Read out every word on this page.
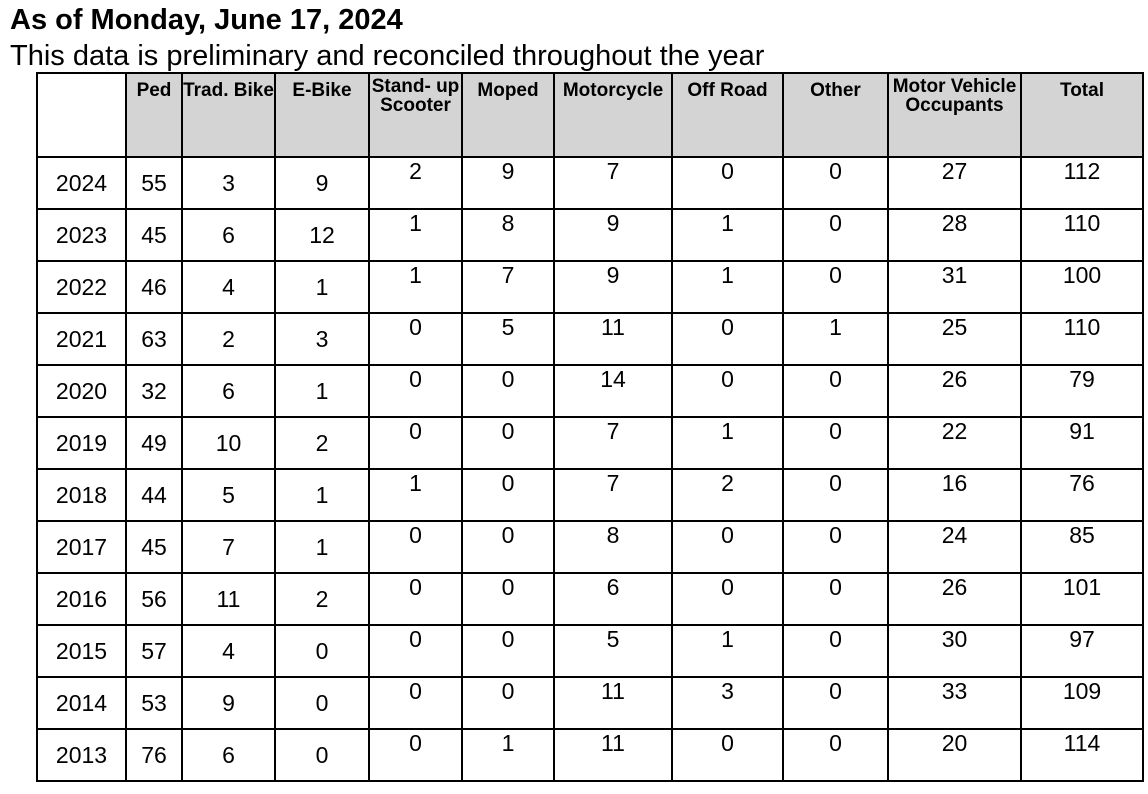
As of Monday, June 17, 2024
This data is preliminary and reconciled throughout the year
	Ped	Trad. Bike	E-Bike	Stand- up Scooter	Moped	Motorcycle	Off Road	Other	Motor Vehicle Occupants	Total
2024	55	3	9	2	9	7	0	0	27	112
2023	45	6	12	1	8	9	1	0	28	110
2022	46	4	1	1	7	9	1	0	31	100
2021	63	2	3	0	5	11	0	1	25	110
2020	32	6	1	0	0	14	0	0	26	79
2019	49	10	2	0	0	7	1	0	22	91
2018	44	5	1	1	0	7	2	0	16	76
2017	45	7	1	0	0	8	0	0	24	85
2016	56	11	2	0	0	6	0	0	26	101
2015	57	4	0	0	0	5	1	0	30	97
2014	53	9	0	0	0	11	3	0	33	109
2013	76	6	0	0	1	11	0	0	20	114
